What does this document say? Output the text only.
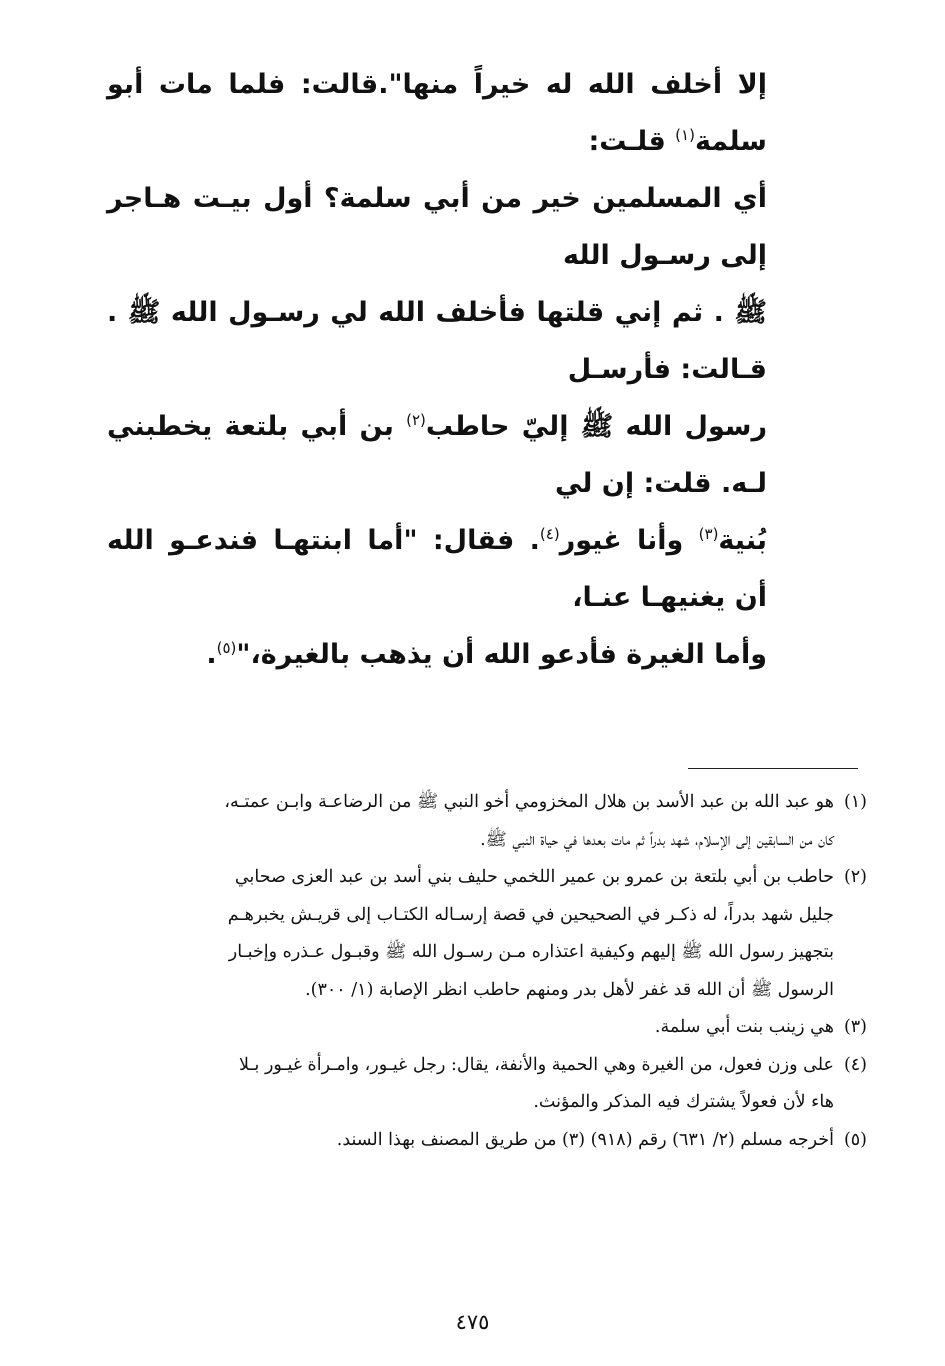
إلا أخلف الله له خيراً منها".قالت: فلما مات أبو سلمة$^{(١)}$ قلـت:
أي المسلمين خير من أبي سلمة؟ أول بيـت هـاجر إلى رسـول الله
ﷺ . ثم إني قلتها فأخلف الله لي رسـول الله ﷺ . قـالت: فأرسـل
رسول الله ﷺ إليّ حاطب$^{(٢)}$ بن أبي بلتعة يخطبني لـه. قلت: إن لي
بُنية$^{(٣)}$ وأنا غيور$^{(٤)}$. فقال: "أما ابنتهـا فندعـو الله أن يغنيهـا عنـا،
وأما الغيرة فأدعو الله أن يذهب بالغيرة،"$^{(٥)}$.
(١)
هو عبد الله بن عبد الأسد بن هلال المخزومي أخو النبي ﷺ من الرضاعـة وابـن عمتـه،
كان من السابقين إلى الإسلام، شهد بدراً ثم مات بعدها في حياة النبي ﷺ.
(٢)
حاطب بن أبي بلتعة بن عمرو بن عمير اللخمي حليف بني أسد بن عبد العزى صحابي
جليل شهد بدراً، له ذكـر في الصحيحين في قصة إرسـاله الكتـاب إلى قريـش يخبرهـم
بتجهيز رسول الله ﷺ إليهم وكيفية اعتذاره مـن رسـول الله ﷺ وقبـول عـذره وإخبـار
الرسول ﷺ أن الله قد غفر لأهل بدر ومنهم حاطب انظر الإصابة (١/ ٣٠٠).
(٣)
هي زينب بنت أبي سلمة.
(٤)
على وزن فعول، من الغيرة وهي الحمية والأنفة، يقال: رجل غيـور، وامـرأة غيـور بـلا
هاء لأن فعولاً يشترك فيه المذكر والمؤنث.
(٥)
أخرجه مسلم (٢/ ٦٣١) رقم (٩١٨) (٣) من طريق المصنف بهذا السند.
٤٧٥
